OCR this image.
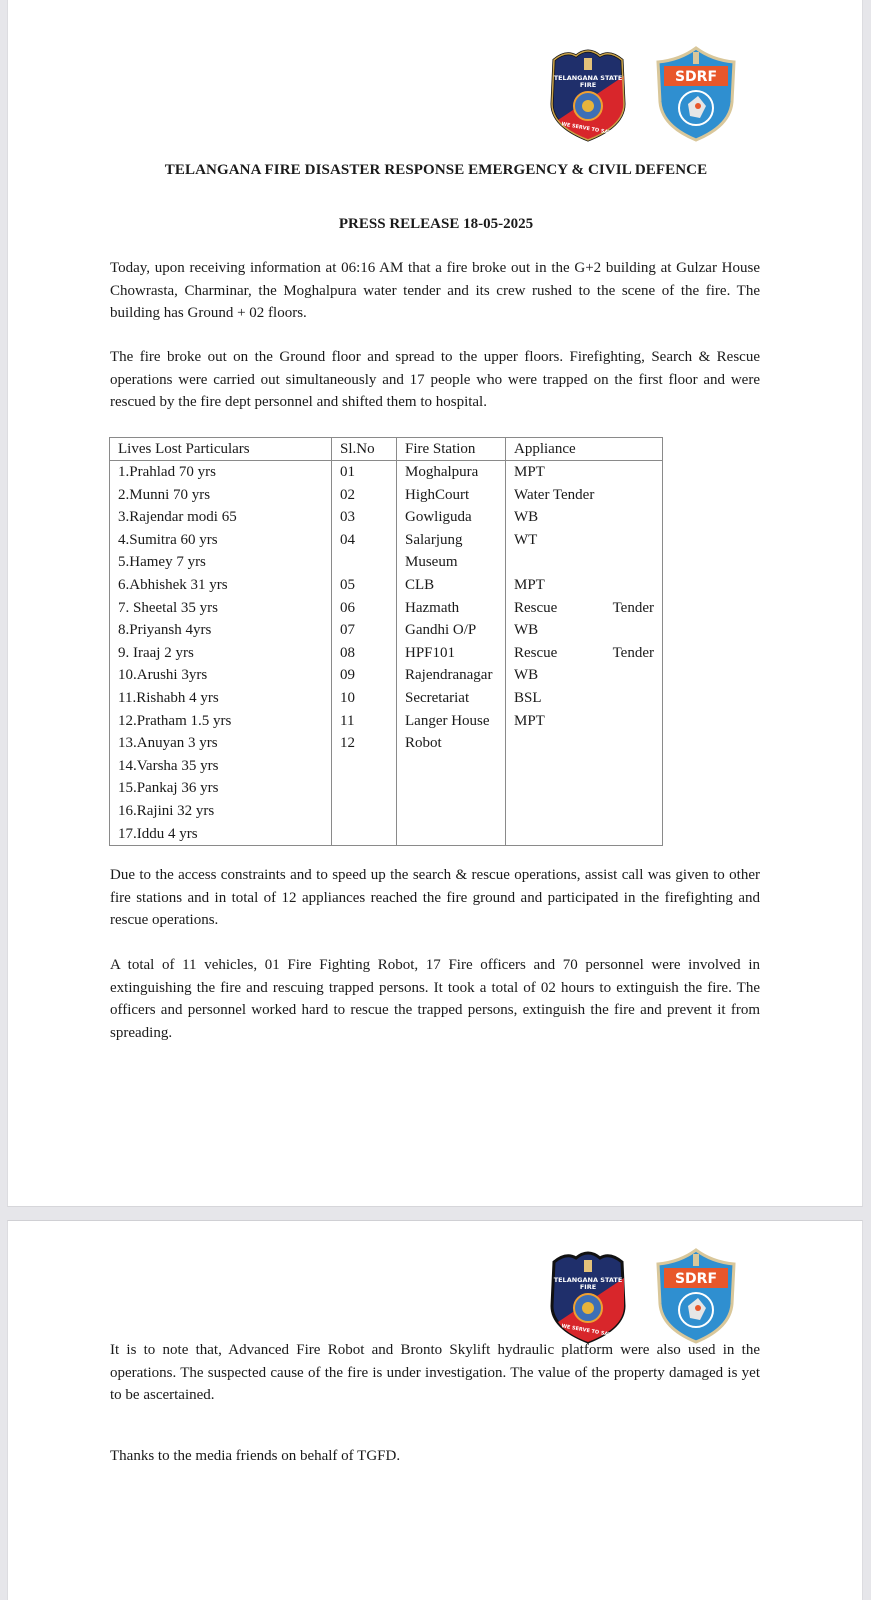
TELANGANA STATE
FIRE
WE SERVE TO SAVE
SDRF
TELANGANA FIRE DISASTER RESPONSE EMERGENCY & CIVIL DEFENCE
PRESS RELEASE 18-05-2025

Today, upon receiving information at 06:16 AM that a fire broke out in the G+2 building at Gulzar House Chowrasta, Charminar, the Moghalpura water tender and its crew rushed to the scene of the fire. The building has Ground + 02 floors.

The fire broke out on the Ground floor and spread to the upper floors. Firefighting, Search & Rescue operations were carried out simultaneously and 17 people who were trapped on the first floor and were rescued by the fire dept personnel and shifted them to hospital.

Lives Lost Particulars	Sl.No	Fire Station	Appliance
1.Prahlad 70 yrs	01	Moghalpura	MPT
2.Munni 70 yrs	02	HighCourt	Water Tender
3.Rajendar modi 65	03	Gowliguda	WB
4.Sumitra 60 yrs	04	Salarjung	WT
5.Hamey 7 yrs		Museum	
6.Abhishek 31 yrs	05	CLB	MPT
7. Sheetal 35 yrs	06	Hazmath	Rescue Tender

8.Priyansh 4yrs	07	Gandhi O/P	WB
9. Iraaj 2 yrs	08	HPF101	Rescue Tender

10.Arushi 3yrs	09	Rajendranagar	WB
11.Rishabh 4 yrs	10	Secretariat	BSL
12.Pratham 1.5 yrs	11	Langer House	MPT
13.Anuyan 3 yrs	12	Robot	
14.Varsha 35 yrs			
15.Pankaj 36 yrs			
16.Rajini 32 yrs			
17.Iddu 4 yrs			

Due to the access constraints and to speed up the search & rescue operations, assist call was given to other fire stations and in total of 12 appliances reached the fire ground and participated in the firefighting and rescue operations.

A total of 11 vehicles, 01 Fire Fighting Robot, 17 Fire officers and 70 personnel were involved in extinguishing the fire and rescuing trapped persons. It took a total of 02 hours to extinguish the fire. The officers and personnel worked hard to rescue the trapped persons, extinguish the fire and prevent it from spreading.

TELANGANA STATE
FIRE
WE SERVE TO SAVE
SDRF

It is to note that, Advanced Fire Robot and Bronto Skylift hydraulic platform were also used in the operations. The suspected cause of the fire is under investigation. The value of the property damaged is yet to be ascertained.

Thanks to the media friends on behalf of TGFD.
